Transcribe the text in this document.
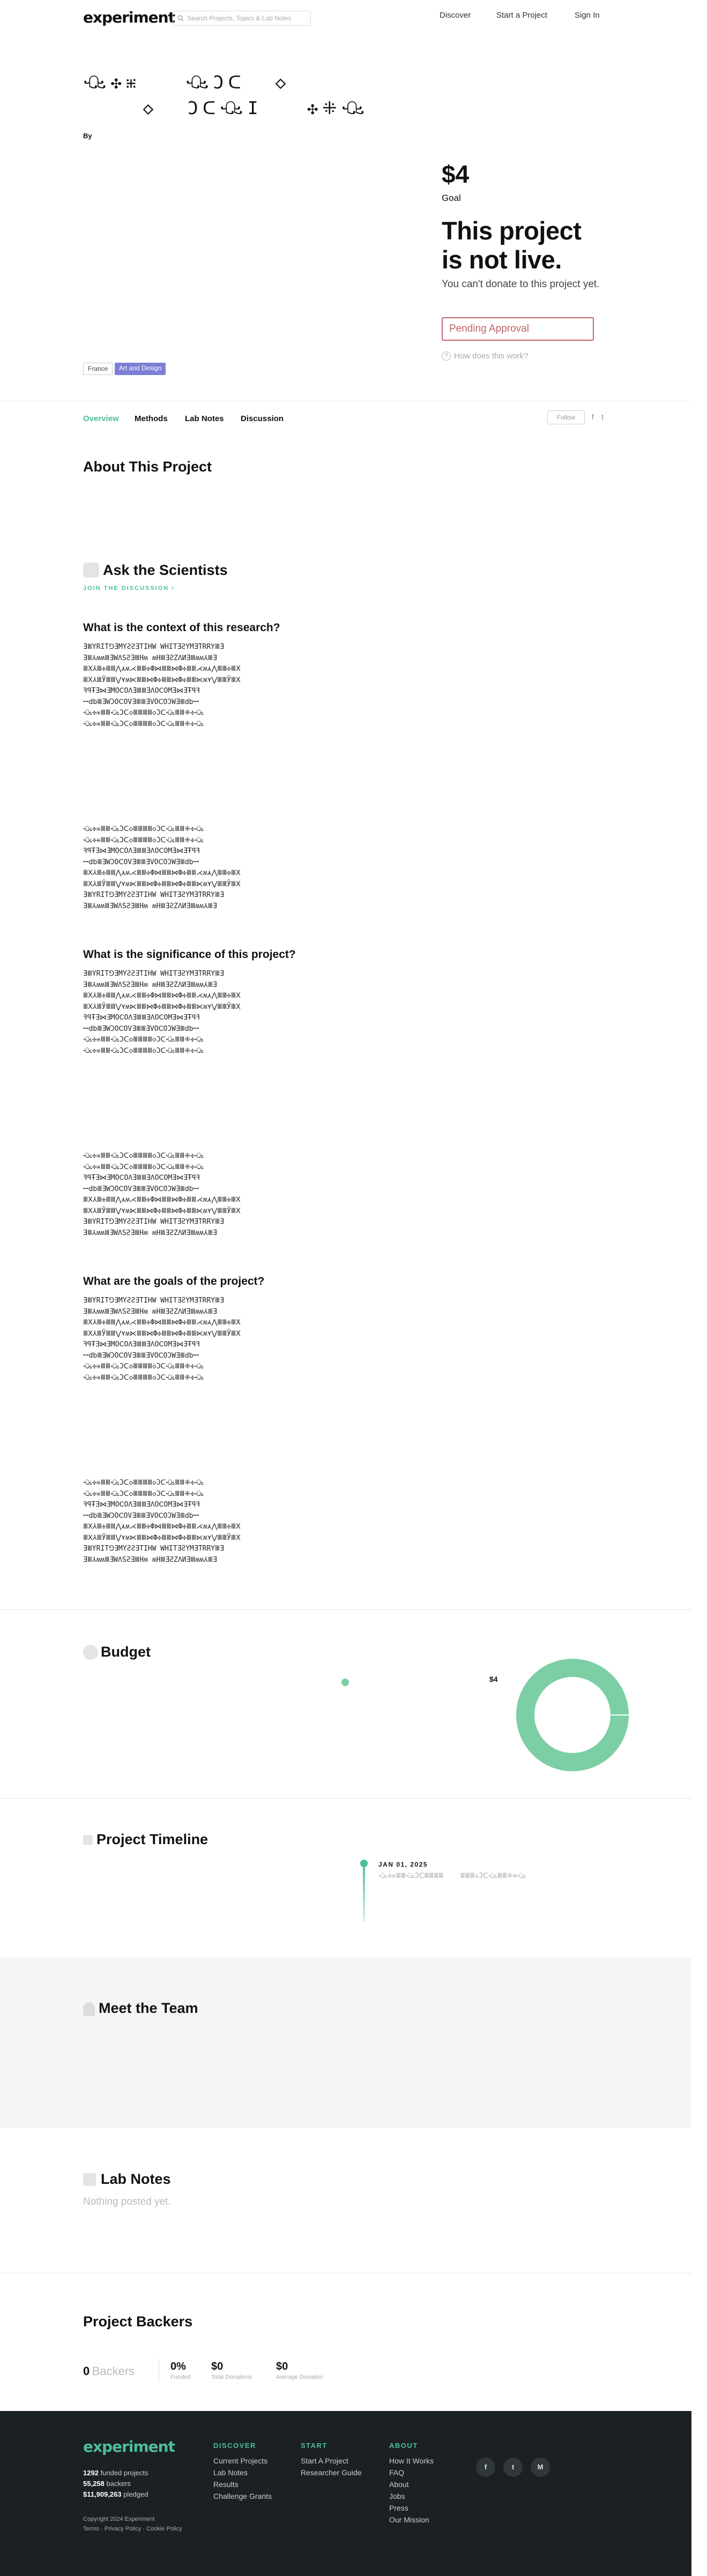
experiment Search Projects, Topics & Lab Notes	Discover	Start a Project	Sign In
ꘐ✣⁜   ꘐƆᑕ  ◇
◇  ƆᑕꘐI   ✣⁜ꘐ
By
$4
Goal
This project is not live.
You can't donate to this project yet.
Pending Approval
? How does this work?
France	Art and Design
Overview Methods Lab Notes Discussion	Follow	f t
About This Project
Ask the Scientists
JOIN THE DISCUSSION ›
What is the context of this research?
ƎⅢYRIT⅁ƎMYƧƧƎTIHW WHITƎƧYMƎTRRYⅢƎ
ƎⅢ⅄ʍʍⅢƎWΛSƧƎⅢHʍ ʍHⅢƎƧZΛИƎⅢʍʍ⅄ⅢƎ
ⅢⅩ⅄Ⅲ✣ⅢⅢ⋀⋏ʍ⋌ⅢⅢ✣Ф⋈ⅢⅢ⋈Ф✣ⅢⅢ⋌ʍ⋏⋀ⅢⅢ✣ⅢⅩ
ⅢⅩ⅄ⅢЎⅢⅢ⋁⋎ʍ⋉ⅢⅢ⋈Ф✣ⅢⅢ⋈Ф✣ⅢⅢ⋉ʍ⋎⋁ⅢⅢЎⅢⅩ
ꟻꟼŦƎ⋈ƎMOⅭOΛƎⅢⅢƎΛOⅭOMƎ⋈ƎŦꟼꟻ
ꟷdbⅢƎWƆOⅭOVƎⅢⅢƎVOⅭOƆWƎⅢdbꟷ
ꘐ✣⁜ⅢⅢꘐƆᑕ◇ⅢⅢⅢⅢ◇ƆᑕꘐⅢⅢ⁜✣ꘐ
ꘐ✣⁜ⅢⅢꘐƆᑕ◇ⅢⅢⅢⅢ◇ƆᑕꘐⅢⅢ⁜✣ꘐ
ꘐ✣⁜ⅢⅢꘐƆᑕ◇ⅢⅢⅢⅢ◇ƆᑕꘐⅢⅢ⁜✣ꘐ
ꘐ✣⁜ⅢⅢꘐƆᑕ◇ⅢⅢⅢⅢ◇ƆᑕꘐⅢⅢ⁜✣ꘐ
ꟻꟼŦƎ⋈ƎMOⅭOΛƎⅢⅢƎΛOⅭOMƎ⋈ƎŦꟼꟻ
ꟷdbⅢƎWƆOⅭOVƎⅢⅢƎVOⅭOƆWƎⅢdbꟷ
ⅢⅩ⅄Ⅲ✣ⅢⅢ⋀⋏ʍ⋌ⅢⅢ✣Ф⋈ⅢⅢ⋈Ф✣ⅢⅢ⋌ʍ⋏⋀ⅢⅢ✣ⅢⅩ
ⅢⅩ⅄ⅢЎⅢⅢ⋁⋎ʍ⋉ⅢⅢ⋈Ф✣ⅢⅢ⋈Ф✣ⅢⅢ⋉ʍ⋎⋁ⅢⅢЎⅢⅩ
ƎⅢYRIT⅁ƎMYƧƧƎTIHW WHITƎƧYMƎTRRYⅢƎ
ƎⅢ⅄ʍʍⅢƎWΛSƧƎⅢHʍ ʍHⅢƎƧZΛИƎⅢʍʍ⅄ⅢƎ
What is the significance of this project?
ƎⅢYRIT⅁ƎMYƧƧƎTIHW WHITƎƧYMƎTRRYⅢƎ
ƎⅢ⅄ʍʍⅢƎWΛSƧƎⅢHʍ ʍHⅢƎƧZΛИƎⅢʍʍ⅄ⅢƎ
ⅢⅩ⅄Ⅲ✣ⅢⅢ⋀⋏ʍ⋌ⅢⅢ✣Ф⋈ⅢⅢ⋈Ф✣ⅢⅢ⋌ʍ⋏⋀ⅢⅢ✣ⅢⅩ
ⅢⅩ⅄ⅢЎⅢⅢ⋁⋎ʍ⋉ⅢⅢ⋈Ф✣ⅢⅢ⋈Ф✣ⅢⅢ⋉ʍ⋎⋁ⅢⅢЎⅢⅩ
ꟻꟼŦƎ⋈ƎMOⅭOΛƎⅢⅢƎΛOⅭOMƎ⋈ƎŦꟼꟻ
ꟷdbⅢƎWƆOⅭOVƎⅢⅢƎVOⅭOƆWƎⅢdbꟷ
ꘐ✣⁜ⅢⅢꘐƆᑕ◇ⅢⅢⅢⅢ◇ƆᑕꘐⅢⅢ⁜✣ꘐ
ꘐ✣⁜ⅢⅢꘐƆᑕ◇ⅢⅢⅢⅢ◇ƆᑕꘐⅢⅢ⁜✣ꘐ
ꘐ✣⁜ⅢⅢꘐƆᑕ◇ⅢⅢⅢⅢ◇ƆᑕꘐⅢⅢ⁜✣ꘐ
ꘐ✣⁜ⅢⅢꘐƆᑕ◇ⅢⅢⅢⅢ◇ƆᑕꘐⅢⅢ⁜✣ꘐ
ꟻꟼŦƎ⋈ƎMOⅭOΛƎⅢⅢƎΛOⅭOMƎ⋈ƎŦꟼꟻ
ꟷdbⅢƎWƆOⅭOVƎⅢⅢƎVOⅭOƆWƎⅢdbꟷ
ⅢⅩ⅄Ⅲ✣ⅢⅢ⋀⋏ʍ⋌ⅢⅢ✣Ф⋈ⅢⅢ⋈Ф✣ⅢⅢ⋌ʍ⋏⋀ⅢⅢ✣ⅢⅩ
ⅢⅩ⅄ⅢЎⅢⅢ⋁⋎ʍ⋉ⅢⅢ⋈Ф✣ⅢⅢ⋈Ф✣ⅢⅢ⋉ʍ⋎⋁ⅢⅢЎⅢⅩ
ƎⅢYRIT⅁ƎMYƧƧƎTIHW WHITƎƧYMƎTRRYⅢƎ
ƎⅢ⅄ʍʍⅢƎWΛSƧƎⅢHʍ ʍHⅢƎƧZΛИƎⅢʍʍ⅄ⅢƎ
What are the goals of the project?
ƎⅢYRIT⅁ƎMYƧƧƎTIHW WHITƎƧYMƎTRRYⅢƎ
ƎⅢ⅄ʍʍⅢƎWΛSƧƎⅢHʍ ʍHⅢƎƧZΛИƎⅢʍʍ⅄ⅢƎ
ⅢⅩ⅄Ⅲ✣ⅢⅢ⋀⋏ʍ⋌ⅢⅢ✣Ф⋈ⅢⅢ⋈Ф✣ⅢⅢ⋌ʍ⋏⋀ⅢⅢ✣ⅢⅩ
ⅢⅩ⅄ⅢЎⅢⅢ⋁⋎ʍ⋉ⅢⅢ⋈Ф✣ⅢⅢ⋈Ф✣ⅢⅢ⋉ʍ⋎⋁ⅢⅢЎⅢⅩ
ꟻꟼŦƎ⋈ƎMOⅭOΛƎⅢⅢƎΛOⅭOMƎ⋈ƎŦꟼꟻ
ꟷdbⅢƎWƆOⅭOVƎⅢⅢƎVOⅭOƆWƎⅢdbꟷ
ꘐ✣⁜ⅢⅢꘐƆᑕ◇ⅢⅢⅢⅢ◇ƆᑕꘐⅢⅢ⁜✣ꘐ
ꘐ✣⁜ⅢⅢꘐƆᑕ◇ⅢⅢⅢⅢ◇ƆᑕꘐⅢⅢ⁜✣ꘐ
ꘐ✣⁜ⅢⅢꘐƆᑕ◇ⅢⅢⅢⅢ◇ƆᑕꘐⅢⅢ⁜✣ꘐ
ꘐ✣⁜ⅢⅢꘐƆᑕ◇ⅢⅢⅢⅢ◇ƆᑕꘐⅢⅢ⁜✣ꘐ
ꟻꟼŦƎ⋈ƎMOⅭOΛƎⅢⅢƎΛOⅭOMƎ⋈ƎŦꟼꟻ
ꟷdbⅢƎWƆOⅭOVƎⅢⅢƎVOⅭOƆWƎⅢdbꟷ
ⅢⅩ⅄Ⅲ✣ⅢⅢ⋀⋏ʍ⋌ⅢⅢ✣Ф⋈ⅢⅢ⋈Ф✣ⅢⅢ⋌ʍ⋏⋀ⅢⅢ✣ⅢⅩ
ⅢⅩ⅄ⅢЎⅢⅢ⋁⋎ʍ⋉ⅢⅢ⋈Ф✣ⅢⅢ⋈Ф✣ⅢⅢ⋉ʍ⋎⋁ⅢⅢЎⅢⅩ
ƎⅢYRIT⅁ƎMYƧƧƎTIHW WHITƎƧYMƎTRRYⅢƎ
ƎⅢ⅄ʍʍⅢƎWΛSƧƎⅢHʍ ʍHⅢƎƧZΛИƎⅢʍʍ⅄ⅢƎ
Budget
$4
Project Timeline
JAN 01, 2025
ꘐ✣⁜ⅢⅢꘐƆᑕⅢⅢⅢⅢ    ⅢⅢⅢ◇ƆᑕꘐⅢⅢ⁜✣ꘐ
Meet the Team
Lab Notes
Nothing posted yet.
Project Backers
0 Backers	0%
Funded
$0
Total Donations
$0
Average Donation
experiment
1292 funded projects
55,258 backers
$11,909,263 pledged
Copyright 2024 Experiment
Terms · Privacy Policy · Cookie Policy
DISCOVER
Current Projects
Lab Notes
Results
Challenge Grants
START
Start A Project
Researcher Guide
ABOUT
How It Works
FAQ
About
Jobs
Press
Our Mission
f	t	M
